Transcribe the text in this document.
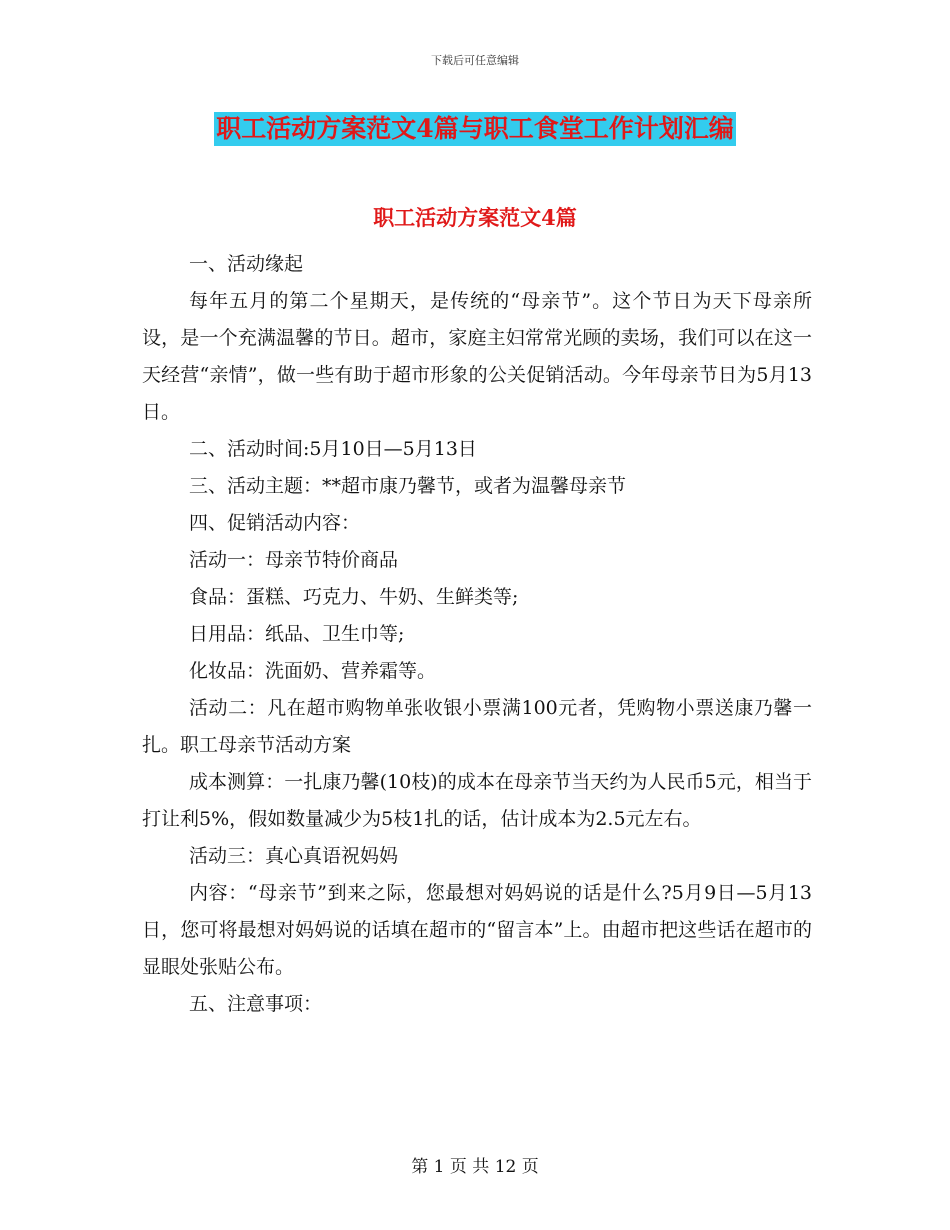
下载后可任意编辑
职工活动方案范文4篇与职工食堂工作计划汇编
职工活动方案范文4篇

一、活动缘起

每年五月的第二个星期天，是传统的“母亲节”。这个节日为天下母亲所设，是一个充满温馨的节日。超市，家庭主妇常常光顾的卖场，我们可以在这一天经营“亲情”，做一些有助于超市形象的公关促销活动。今年母亲节日为5月13日。

二、活动时间:5月10日—5月13日

三、活动主题：**超市康乃馨节，或者为温馨母亲节

四、促销活动内容：

活动一：母亲节特价商品

食品：蛋糕、巧克力、牛奶、生鲜类等;

日用品：纸品、卫生巾等;

化妆品：洗面奶、营养霜等。

活动二：凡在超市购物单张收银小票满100元者，凭购物小票送康乃馨一扎。职工母亲节活动方案

成本测算：一扎康乃馨(10枝)的成本在母亲节当天约为人民币5元，相当于打让利5%，假如数量减少为5枝1扎的话，估计成本为2.5元左右。

活动三：真心真语祝妈妈

内容：“母亲节”到来之际，您最想对妈妈说的话是什么?5月9日—5月13日，您可将最想对妈妈说的话填在超市的“留言本”上。由超市把这些话在超市的显眼处张贴公布。

五、注意事项：

第 1 页 共 12 页
